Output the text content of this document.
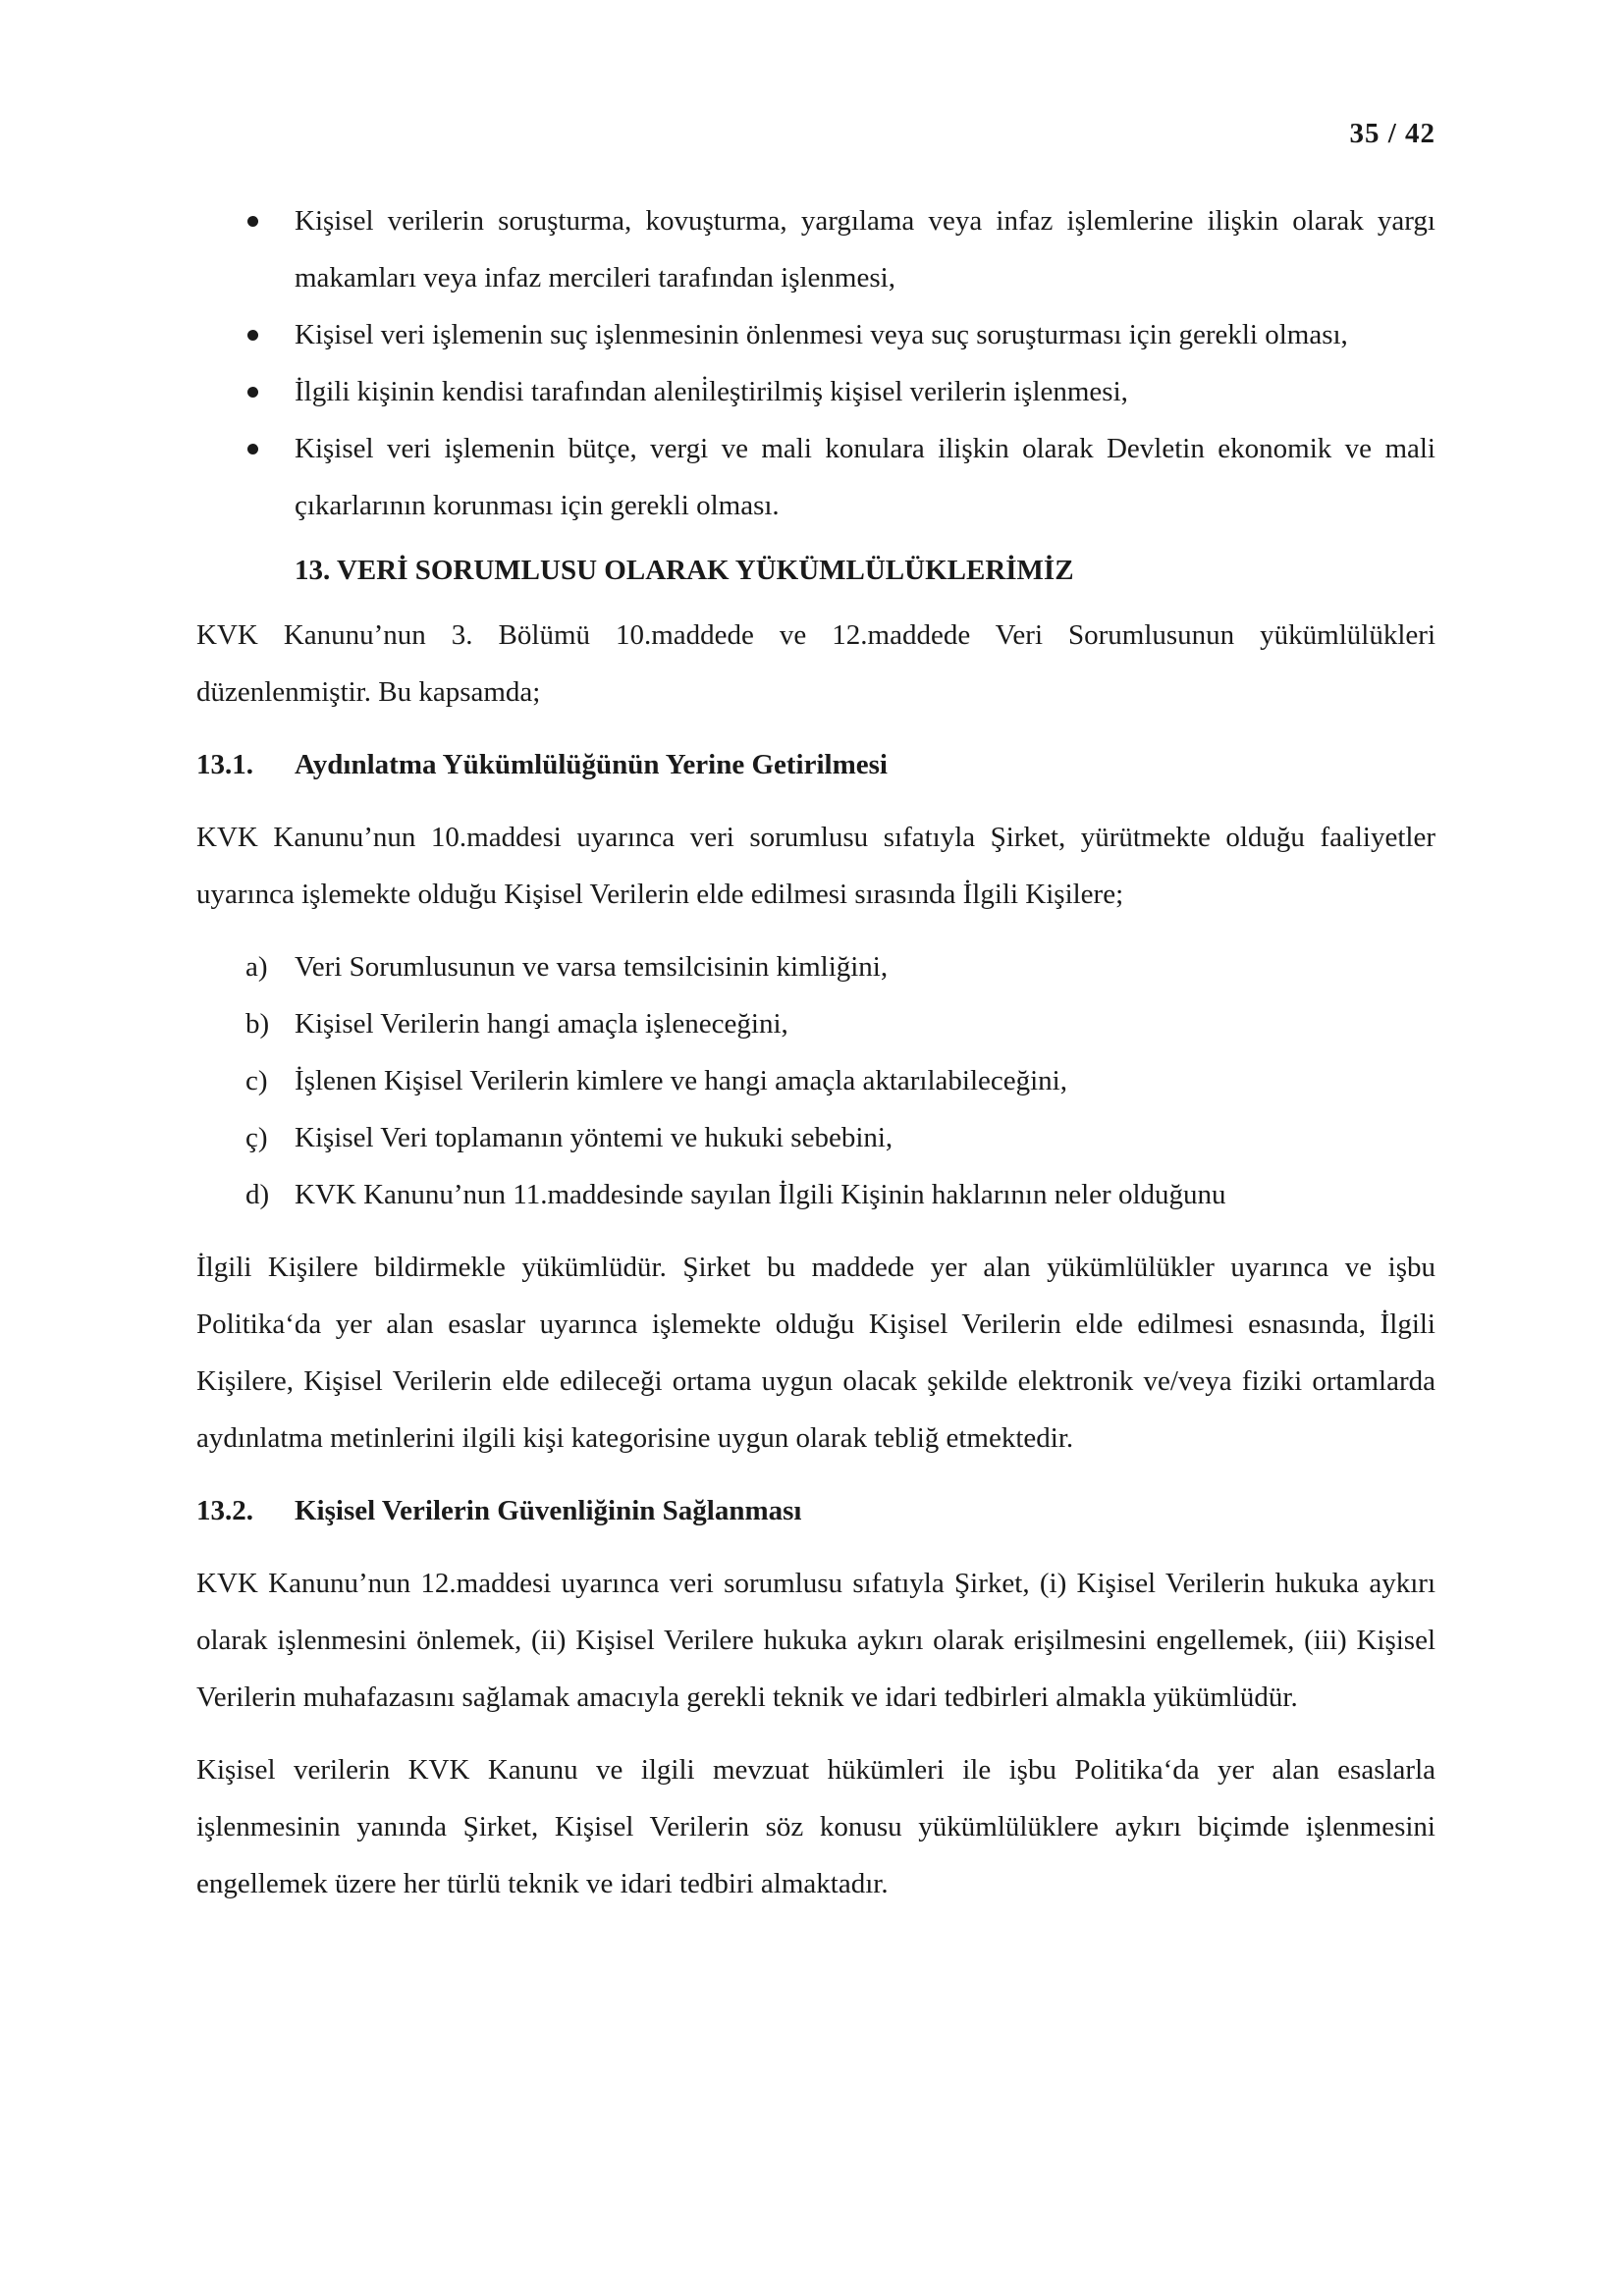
35 / 42
Kişisel verilerin soruşturma, kovuşturma, yargılama veya infaz işlemlerine ilişkin olarak yargı makamları veya infaz mercileri tarafından işlenmesi,
Kişisel veri işlemenin suç işlenmesinin önlenmesi veya suç soruşturması için gerekli olması,
İlgili kişinin kendisi tarafından aleni̇leştirilmiş kişisel verilerin işlenmesi,
Kişisel veri işlemenin bütçe, vergi ve mali konulara ilişkin olarak Devletin ekonomik ve mali çıkarlarının korunması için gerekli olması.
13. VERİ SORUMLUSU OLARAK YÜKÜMLÜLÜKLERİMİZ

KVK Kanunu’nun 3. Bölümü 10.maddede ve 12.maddede Veri Sorumlusunun yükümlülükleri düzenlenmiştir. Bu kapsamda;

13.1. Aydınlatma Yükümlülüğünün Yerine Getirilmesi

KVK Kanunu’nun 10.maddesi uyarınca veri sorumlusu sıfatıyla Şirket, yürütmekte olduğu faaliyetler uyarınca işlemekte olduğu Kişisel Verilerin elde edilmesi sırasında İlgili Kişilere;

a) Veri Sorumlusunun ve varsa temsilcisinin kimliğini,
b) Kişisel Verilerin hangi amaçla işleneceğini,
c) İşlenen Kişisel Verilerin kimlere ve hangi amaçla aktarılabileceğini,
ç) Kişisel Veri toplamanın yöntemi ve hukuki sebebini,
d) KVK Kanunu’nun 11.maddesinde sayılan İlgili Kişinin haklarının neler olduğunu

İlgili Kişilere bildirmekle yükümlüdür. Şirket bu maddede yer alan yükümlülükler uyarınca ve işbu Politika‘da yer alan esaslar uyarınca işlemekte olduğu Kişisel Verilerin elde edilmesi esnasında, İlgili Kişilere, Kişisel Verilerin elde edileceği ortama uygun olacak şekilde elektronik ve/veya fiziki ortamlarda aydınlatma metinlerini ilgili kişi kategorisine uygun olarak tebliğ etmektedir.

13.2. Kişisel Verilerin Güvenliğinin Sağlanması

KVK Kanunu’nun 12.maddesi uyarınca veri sorumlusu sıfatıyla Şirket, (i) Kişisel Verilerin hukuka aykırı olarak işlenmesini önlemek, (ii) Kişisel Verilere hukuka aykırı olarak erişilmesini engellemek, (iii) Kişisel Verilerin muhafazasını sağlamak amacıyla gerekli teknik ve idari tedbirleri almakla yükümlüdür.

Kişisel verilerin KVK Kanunu ve ilgili mevzuat hükümleri ile işbu Politika‘da yer alan esaslarla işlenmesinin yanında Şirket, Kişisel Verilerin söz konusu yükümlülüklere aykırı biçimde işlenmesini engellemek üzere her türlü teknik ve idari tedbiri almaktadır.
